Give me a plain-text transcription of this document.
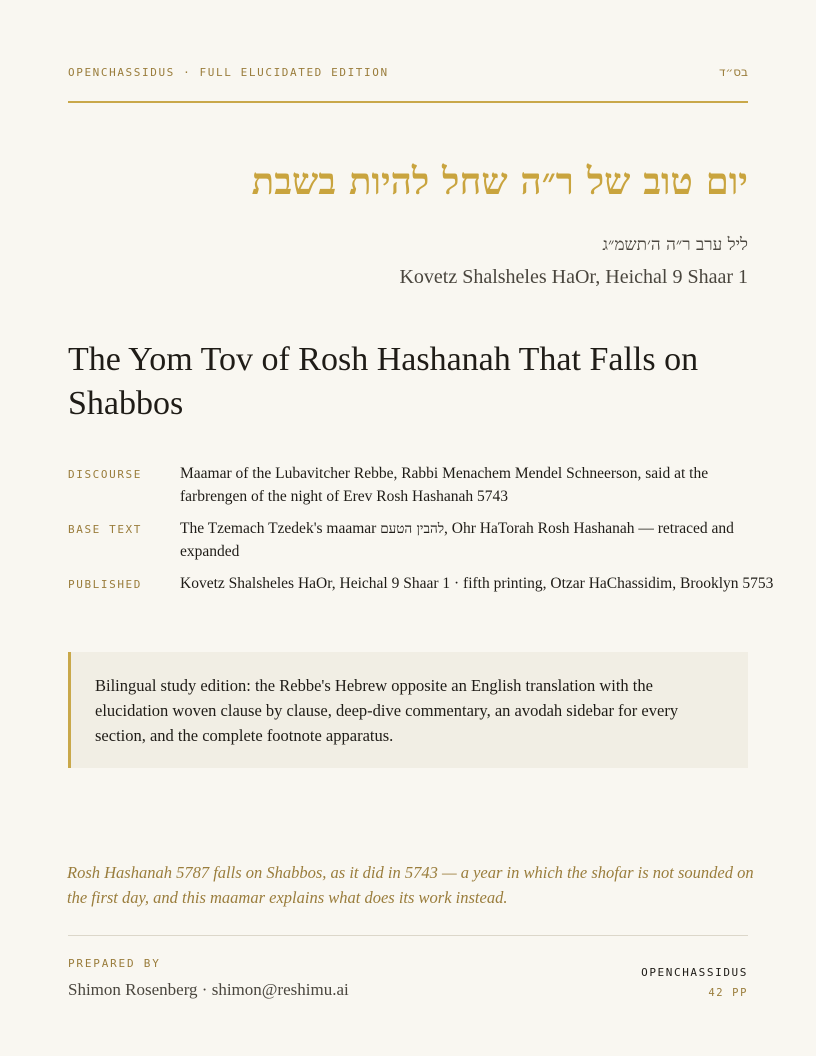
OPENCHASSIDUS · FULL ELUCIDATED EDITION	בס״ד
יום טוב של ר״ה שחל להיות בשבת
ליל ערב ר״ה ה׳תשמ״ג
Kovetz Shalsheles HaOr, Heichal 9 Shaar 1
The Yom Tov of Rosh Hashanah That Falls on Shabbos
DISCOURSE	Maamar of the Lubavitcher Rebbe, Rabbi Menachem Mendel Schneerson, said at the farbrengen of the night of Erev Rosh Hashanah 5743
BASE TEXT	The Tzemach Tzedek's maamar להבין הטעם, Ohr HaTorah Rosh Hashanah — retraced and expanded
PUBLISHED	Kovetz Shalsheles HaOr, Heichal 9 Shaar 1 · fifth printing, Otzar HaChassidim, Brooklyn 5753
Bilingual study edition: the Rebbe's Hebrew opposite an English translation with the elucidation woven clause by clause, deep-dive commentary, an avodah sidebar for every section, and the complete footnote apparatus.
Rosh Hashanah 5787 falls on Shabbos, as it did in 5743 — a year in which the shofar is not sounded on the first day, and this maamar explains what does its work instead.
PREPARED BY
Shimon Rosenberg · shimon@reshimu.ai
OPENCHASSIDUS
42 PP
